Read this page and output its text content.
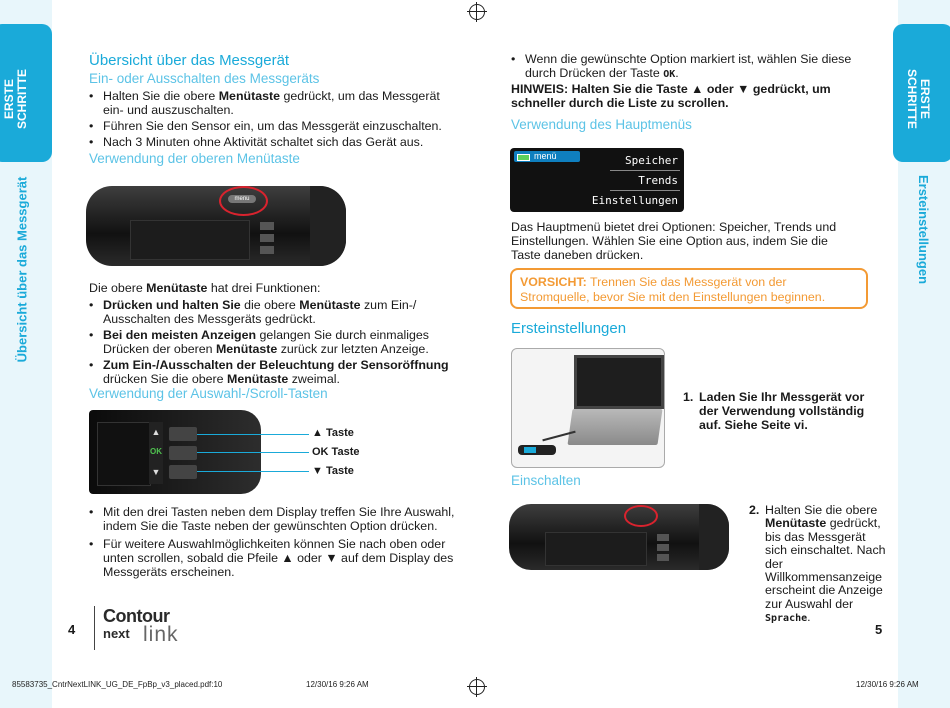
ERSTE SCHRITTE	ERSTE
SCHRITTE
Übersicht über das Messgerät	Ersteinstellungen
Übersicht über das Messgerät
Ein- oder Ausschalten des Messgeräts
• Halten Sie die obere Menütaste gedrückt, um das Messgerät ein- und auszuschalten.
• Führen Sie den Sensor ein, um das Messgerät einzuschalten.
• Nach 3 Minuten ohne Aktivität schaltet sich das Gerät aus.
Verwendung der oberen Menütaste
menu
Die obere Menütaste hat drei Funktionen:
• Drücken und halten Sie die obere Menütaste zum Ein-/ Ausschalten des Messgeräts gedrückt.
• Bei den meisten Anzeigen gelangen Sie durch einmaliges Drücken der oberen Menütaste zurück zur letzten Anzeige.
• Zum Ein-/Ausschalten der Beleuchtung der Sensoröffnung drücken Sie die obere Menütaste zweimal.
Verwendung der Auswahl-/Scroll-Tasten
▲
OK
▼
▲ Taste
OK Taste
▼ Taste
• Mit den drei Tasten neben dem Display treffen Sie Ihre Auswahl, indem Sie die Taste neben der gewünschten Option drücken.
• Für weitere Auswahlmöglichkeiten können Sie nach oben oder unten scrollen, sobald die Pfeile ▲ oder ▼ auf dem Display des Messgeräts erscheinen.
4
Contour
next link
• Wenn die gewünschte Option markiert ist, wählen Sie diese durch Drücken der Taste OK.
HINWEIS: Halten Sie die Taste ▲ oder ▼ gedrückt, um schneller durch die Liste zu scrollen.
Verwendung des Hauptmenüs
menü	Speicher
Trends
Einstellungen
Das Hauptmenü bietet drei Optionen: Speicher, Trends und Einstellungen. Wählen Sie eine Option aus, indem Sie die Taste daneben drücken.
VORSICHT: Trennen Sie das Messgerät von der Stromquelle, bevor Sie mit den Einstellungen beginnen.
Ersteinstellungen
1. Laden Sie Ihr Messgerät vor der Verwendung vollständig auf. Siehe Seite vi.
Einschalten
2. Halten Sie die obere Menütaste gedrückt, bis das Messgerät sich einschaltet. Nach der Willkommensanzeige erscheint die Anzeige zur Auswahl der Sprache.
5
85583735_CntrNextLINK_UG_DE_FpBp_v3_placed.pdf:10	12/30/16 9:26 AM	12/30/16 9:26 AM
